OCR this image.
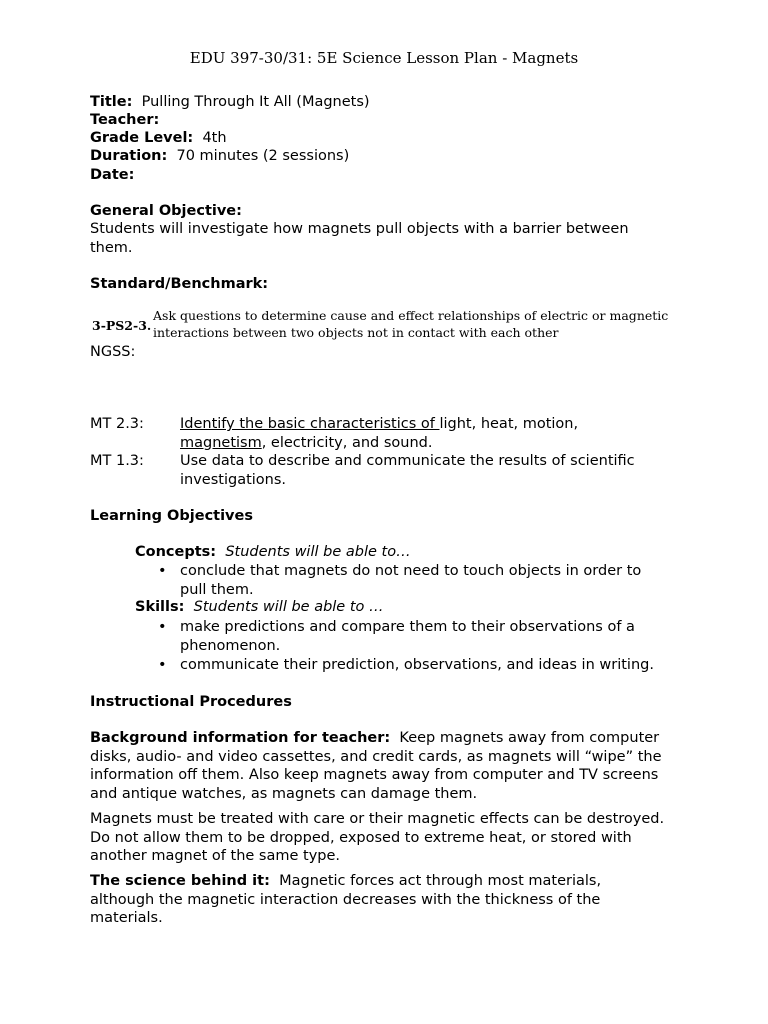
EDU 397-30/31: 5E Science Lesson Plan - Magnets
Title: Pulling Through It All (Magnets)
Teacher:
Grade Level: 4th
Duration: 70 minutes (2 sessions)
Date:
General Objective:
Students will investigate how magnets pull objects with a barrier between them.
Standard/Benchmark:
3-PS2-3.
Ask questions to determine cause and effect relationships of electric or magnetic interactions between two objects not in contact with each other
NGSS:
MT 2.3: Identify the basic characteristics of light, heat, motion,
magnetism, electricity, and sound.
MT 1.3: Use data to describe and communicate the results of scientific investigations.
Learning Objectives
Concepts: Students will be able to…
• conclude that magnets do not need to touch objects in order to pull them.
Skills: Students will be able to …
• make predictions and compare them to their observations of a phenomenon.
• communicate their prediction, observations, and ideas in writing.
Instructional Procedures
Background information for teacher: Keep magnets away from computer disks, audio- and video cassettes, and credit cards, as magnets will “wipe” the information off them. Also keep magnets away from computer and TV screens and antique watches, as magnets can damage them.
Magnets must be treated with care or their magnetic effects can be destroyed. Do not allow them to be dropped, exposed to extreme heat, or stored with another magnet of the same type.
The science behind it: Magnetic forces act through most materials, although the magnetic interaction decreases with the thickness of the materials.
